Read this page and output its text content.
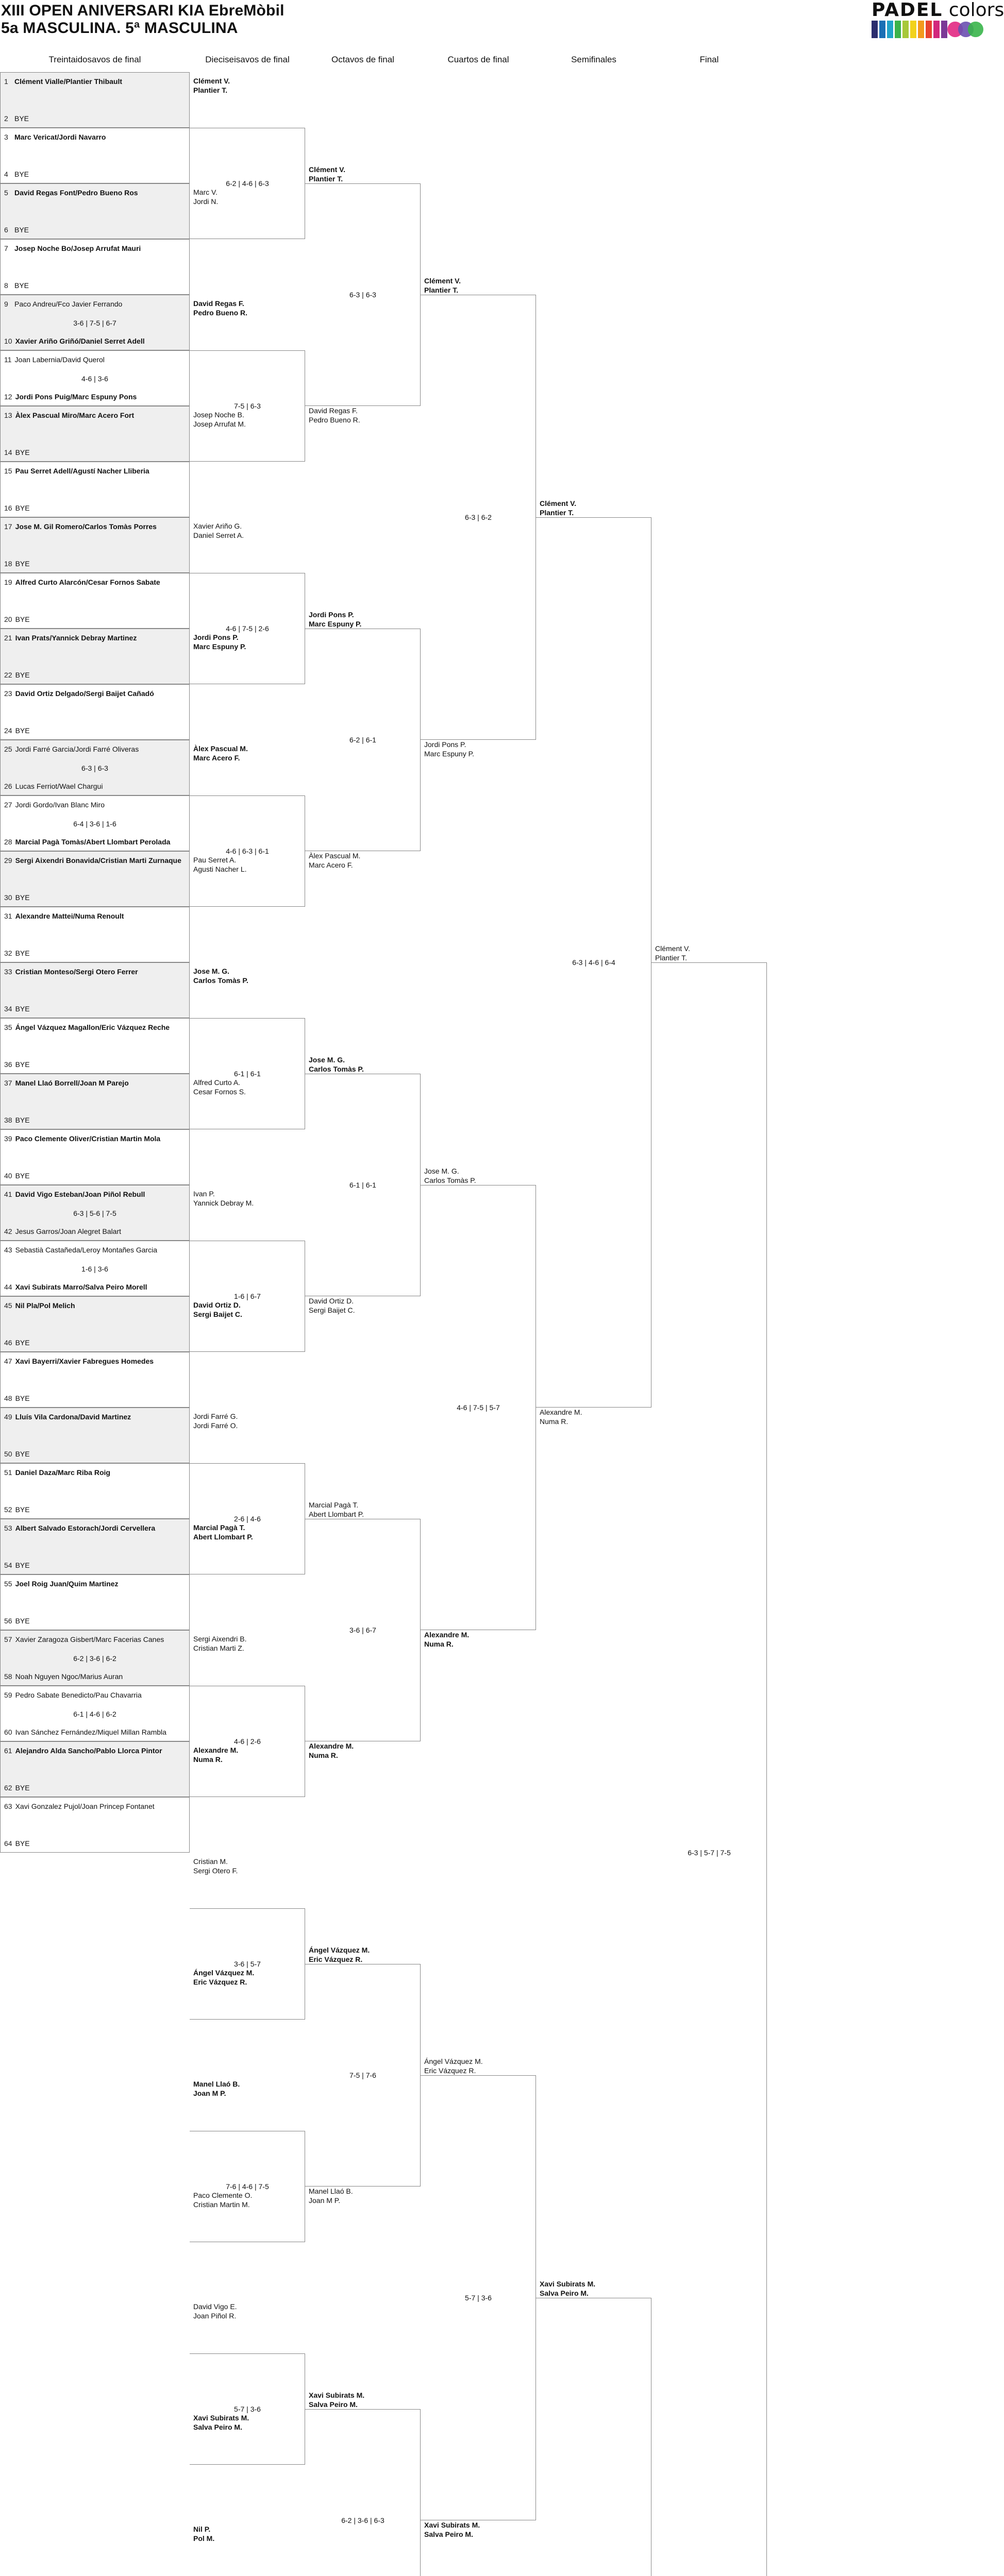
XIII OPEN ANIVERSARI KIA EbreMòbil
5a MASCULINA. 5ª MASCULINA
PADEL colors
Treintaidosavos de final	Dieciseisavos de final	Octavos de final	Cuartos de final	Semifinales	Final
1 Clément Vialle/Plantier Thibault
2 BYE
3 Marc Vericat/Jordi Navarro
4 BYE
5 David Regas Font/Pedro Bueno Ros
6 BYE
7 Josep Noche Bo/Josep Arrufat Mauri
8 BYE
9 Paco Andreu/Fco Javier Ferrando
10 Xavier Ariño Griñó/Daniel Serret Adell
3-6 | 7-5 | 6-7
11 Joan Labernia/David Querol
12 Jordi Pons Puig/Marc Espuny Pons
4-6 | 3-6
13 Àlex Pascual Miro/Marc Acero Fort
14 BYE
15 Pau Serret Adell/Agustí Nacher Lliberia
16 BYE
17 Jose M. Gil Romero/Carlos Tomàs Porres
18 BYE
19 Alfred Curto Alarcón/Cesar Fornos Sabate
20 BYE
21 Ivan Prats/Yannick Debray Martinez
22 BYE
23 David Ortiz Delgado/Sergi Baijet Cañadó
24 BYE
25 Jordi Farré Garcia/Jordi Farré Oliveras
26 Lucas Ferriot/Wael Chargui
6-3 | 6-3
27 Jordi Gordo/Ivan Blanc Miro
28 Marcial Pagà Tomàs/Abert Llombart Perolada
6-4 | 3-6 | 1-6
29 Sergi Aixendri Bonavida/Cristian Marti Zurnaque
30 BYE
31 Alexandre Mattei/Numa Renoult
32 BYE
33 Cristian Monteso/Sergi Otero Ferrer
34 BYE
35 Ángel Vázquez Magallon/Eric Vázquez Reche
36 BYE
37 Manel Llaó Borrell/Joan M Parejo
38 BYE
39 Paco Clemente Oliver/Cristian Martin Mola
40 BYE
41 David Vigo Esteban/Joan Piñol Rebull
42 Jesus Garros/Joan Alegret Balart
6-3 | 5-6 | 7-5
43 Sebastià Castañeda/Leroy Montañes Garcia
44 Xavi Subirats Marro/Salva Peiro Morell
1-6 | 3-6
45 Nil Pla/Pol Melich
46 BYE
47 Xavi Bayerri/Xavier Fabregues Homedes
48 BYE
49 Lluís Vila Cardona/David Martinez
50 BYE
51 Daniel Daza/Marc Riba Roig
52 BYE
53 Albert Salvado Estorach/Jordi Cervellera
54 BYE
55 Joel Roig Juan/Quim Martinez
56 BYE
57 Xavier Zaragoza Gisbert/Marc Facerias Canes
58 Noah Nguyen Ngoc/Marius Auran
6-2 | 3-6 | 6-2
59 Pedro Sabate Benedicto/Pau Chavarria
60 Ivan Sánchez Fernández/Miquel Millan Rambla
6-1 | 4-6 | 6-2
61 Alejandro Alda Sancho/Pablo Llorca Pintor
62 BYE
63 Xavi Gonzalez Pujol/Joan Princep Fontanet
64 BYE
Clément V.
Plantier T.
Marc V.
Jordi N.
David Regas F.
Pedro Bueno R.
Josep Noche B.
Josep Arrufat M.
Xavier Ariño G.
Daniel Serret A.
Jordi Pons P.
Marc Espuny P.
Àlex Pascual M.
Marc Acero F.
Pau Serret A.
Agusti Nacher L.
Jose M. G.
Carlos Tomàs P.
Alfred Curto A.
Cesar Fornos S.
Ivan P.
Yannick Debray M.
David Ortiz D.
Sergi Baijet C.
Jordi Farré G.
Jordi Farré O.
Marcial Pagà T.
Abert Llombart P.
Sergi Aixendri B.
Cristian Marti Z.
Alexandre M.
Numa R.
Cristian M.
Sergi Otero F.
Ángel Vázquez M.
Eric Vázquez R.
Manel Llaó B.
Joan M P.
Paco Clemente O.
Cristian Martin M.
David Vigo E.
Joan Piñol R.
Xavi Subirats M.
Salva Peiro M.
Nil P.
Pol M.
6-2 | 4-6 | 6-3
7-5 | 6-3
4-6 | 7-5 | 2-6
4-6 | 6-3 | 6-1
6-1 | 6-1
1-6 | 6-7
2-6 | 4-6
4-6 | 2-6
3-6 | 5-7
7-6 | 4-6 | 7-5
5-7 | 3-6
Clément V.
Plantier T.
David Regas F.
Pedro Bueno R.
Jordi Pons P.
Marc Espuny P.
Àlex Pascual M.
Marc Acero F.
Jose M. G.
Carlos Tomàs P.
David Ortiz D.
Sergi Baijet C.
Marcial Pagà T.
Abert Llombart P.
Alexandre M.
Numa R.
Ángel Vázquez M.
Eric Vázquez R.
Manel Llaó B.
Joan M P.
Xavi Subirats M.
Salva Peiro M.
6-3 | 6-3
6-2 | 6-1
6-1 | 6-1
3-6 | 6-7
7-5 | 7-6
6-2 | 3-6 | 6-3
Clément V.
Plantier T.
Jordi Pons P.
Marc Espuny P.
Jose M. G.
Carlos Tomàs P.
Alexandre M.
Numa R.
Ángel Vázquez M.
Eric Vázquez R.
Xavi Subirats M.
Salva Peiro M.
6-3 | 6-2
4-6 | 7-5 | 5-7
5-7 | 3-6
Clément V.
Plantier T.
Alexandre M.
Numa R.
Xavi Subirats M.
Salva Peiro M.
6-3 | 4-6 | 6-4
Clément V.
Plantier T.
6-3 | 5-7 | 7-5
